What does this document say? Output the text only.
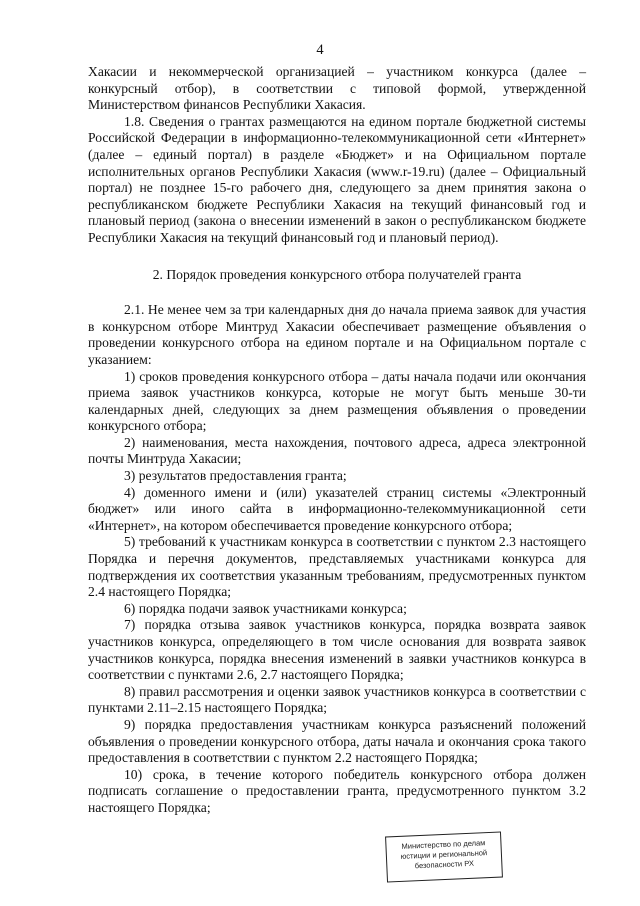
4

Хакасии и некоммерческой организацией – участником конкурса (далее – конкурсный отбор), в соответствии с типовой формой, утвержденной Министерством финансов Республики Хакасия.

1.8. Сведения о грантах размещаются на едином портале бюджетной системы Российской Федерации в информационно-телекоммуникационной сети «Интернет» (далее – единый портал) в разделе «Бюджет» и на Официальном портале исполнительных органов Республики Хакасия (www.r-19.ru) (далее – Официальный портал) не позднее 15-го рабочего дня, следующего за днем принятия закона о республиканском бюджете Республики Хакасия на текущий финансовый год и плановый период (закона о внесении изменений в закон о республиканском бюджете Республики Хакасия на текущий финансовый год и плановый период).

2. Порядок проведения конкурсного отбора получателей гранта

2.1. Не менее чем за три календарных дня до начала приема заявок для участия в конкурсном отборе Минтруд Хакасии обеспечивает размещение объявления о проведении конкурсного отбора на едином портале и на Официальном портале с указанием:

1) сроков проведения конкурсного отбора – даты начала подачи или окончания приема заявок участников конкурса, которые не могут быть меньше 30-ти календарных дней, следующих за днем размещения объявления о проведении конкурсного отбора;

2) наименования, места нахождения, почтового адреса, адреса электронной почты Минтруда Хакасии;

3) результатов предоставления гранта;

4) доменного имени и (или) указателей страниц системы «Электронный бюджет» или иного сайта в информационно-телекоммуникационной сети «Интернет», на котором обеспечивается проведение конкурсного отбора;

5) требований к участникам конкурса в соответствии с пунктом 2.3 настоящего Порядка и перечня документов, представляемых участниками конкурса для подтверждения их соответствия указанным требованиям, предусмотренных пунктом 2.4 настоящего Порядка;

6) порядка подачи заявок участниками конкурса;

7) порядка отзыва заявок участников конкурса, порядка возврата заявок участников конкурса, определяющего в том числе основания для возврата заявок участников конкурса, порядка внесения изменений в заявки участников конкурса в соответствии с пунктами 2.6, 2.7 настоящего Порядка;

8) правил рассмотрения и оценки заявок участников конкурса в соответствии с пунктами 2.11–2.15 настоящего Порядка;

9) порядка предоставления участникам конкурса разъяснений положений объявления о проведении конкурсного отбора, даты начала и окончания срока такого предоставления в соответствии с пунктом 2.2 настоящего Порядка;

10) срока, в течение которого победитель конкурсного отбора должен подписать соглашение о предоставлении гранта, предусмотренного пунктом 3.2 настоящего Порядка;

Министерство по делам
юстиции и региональной
безопасности РХ
